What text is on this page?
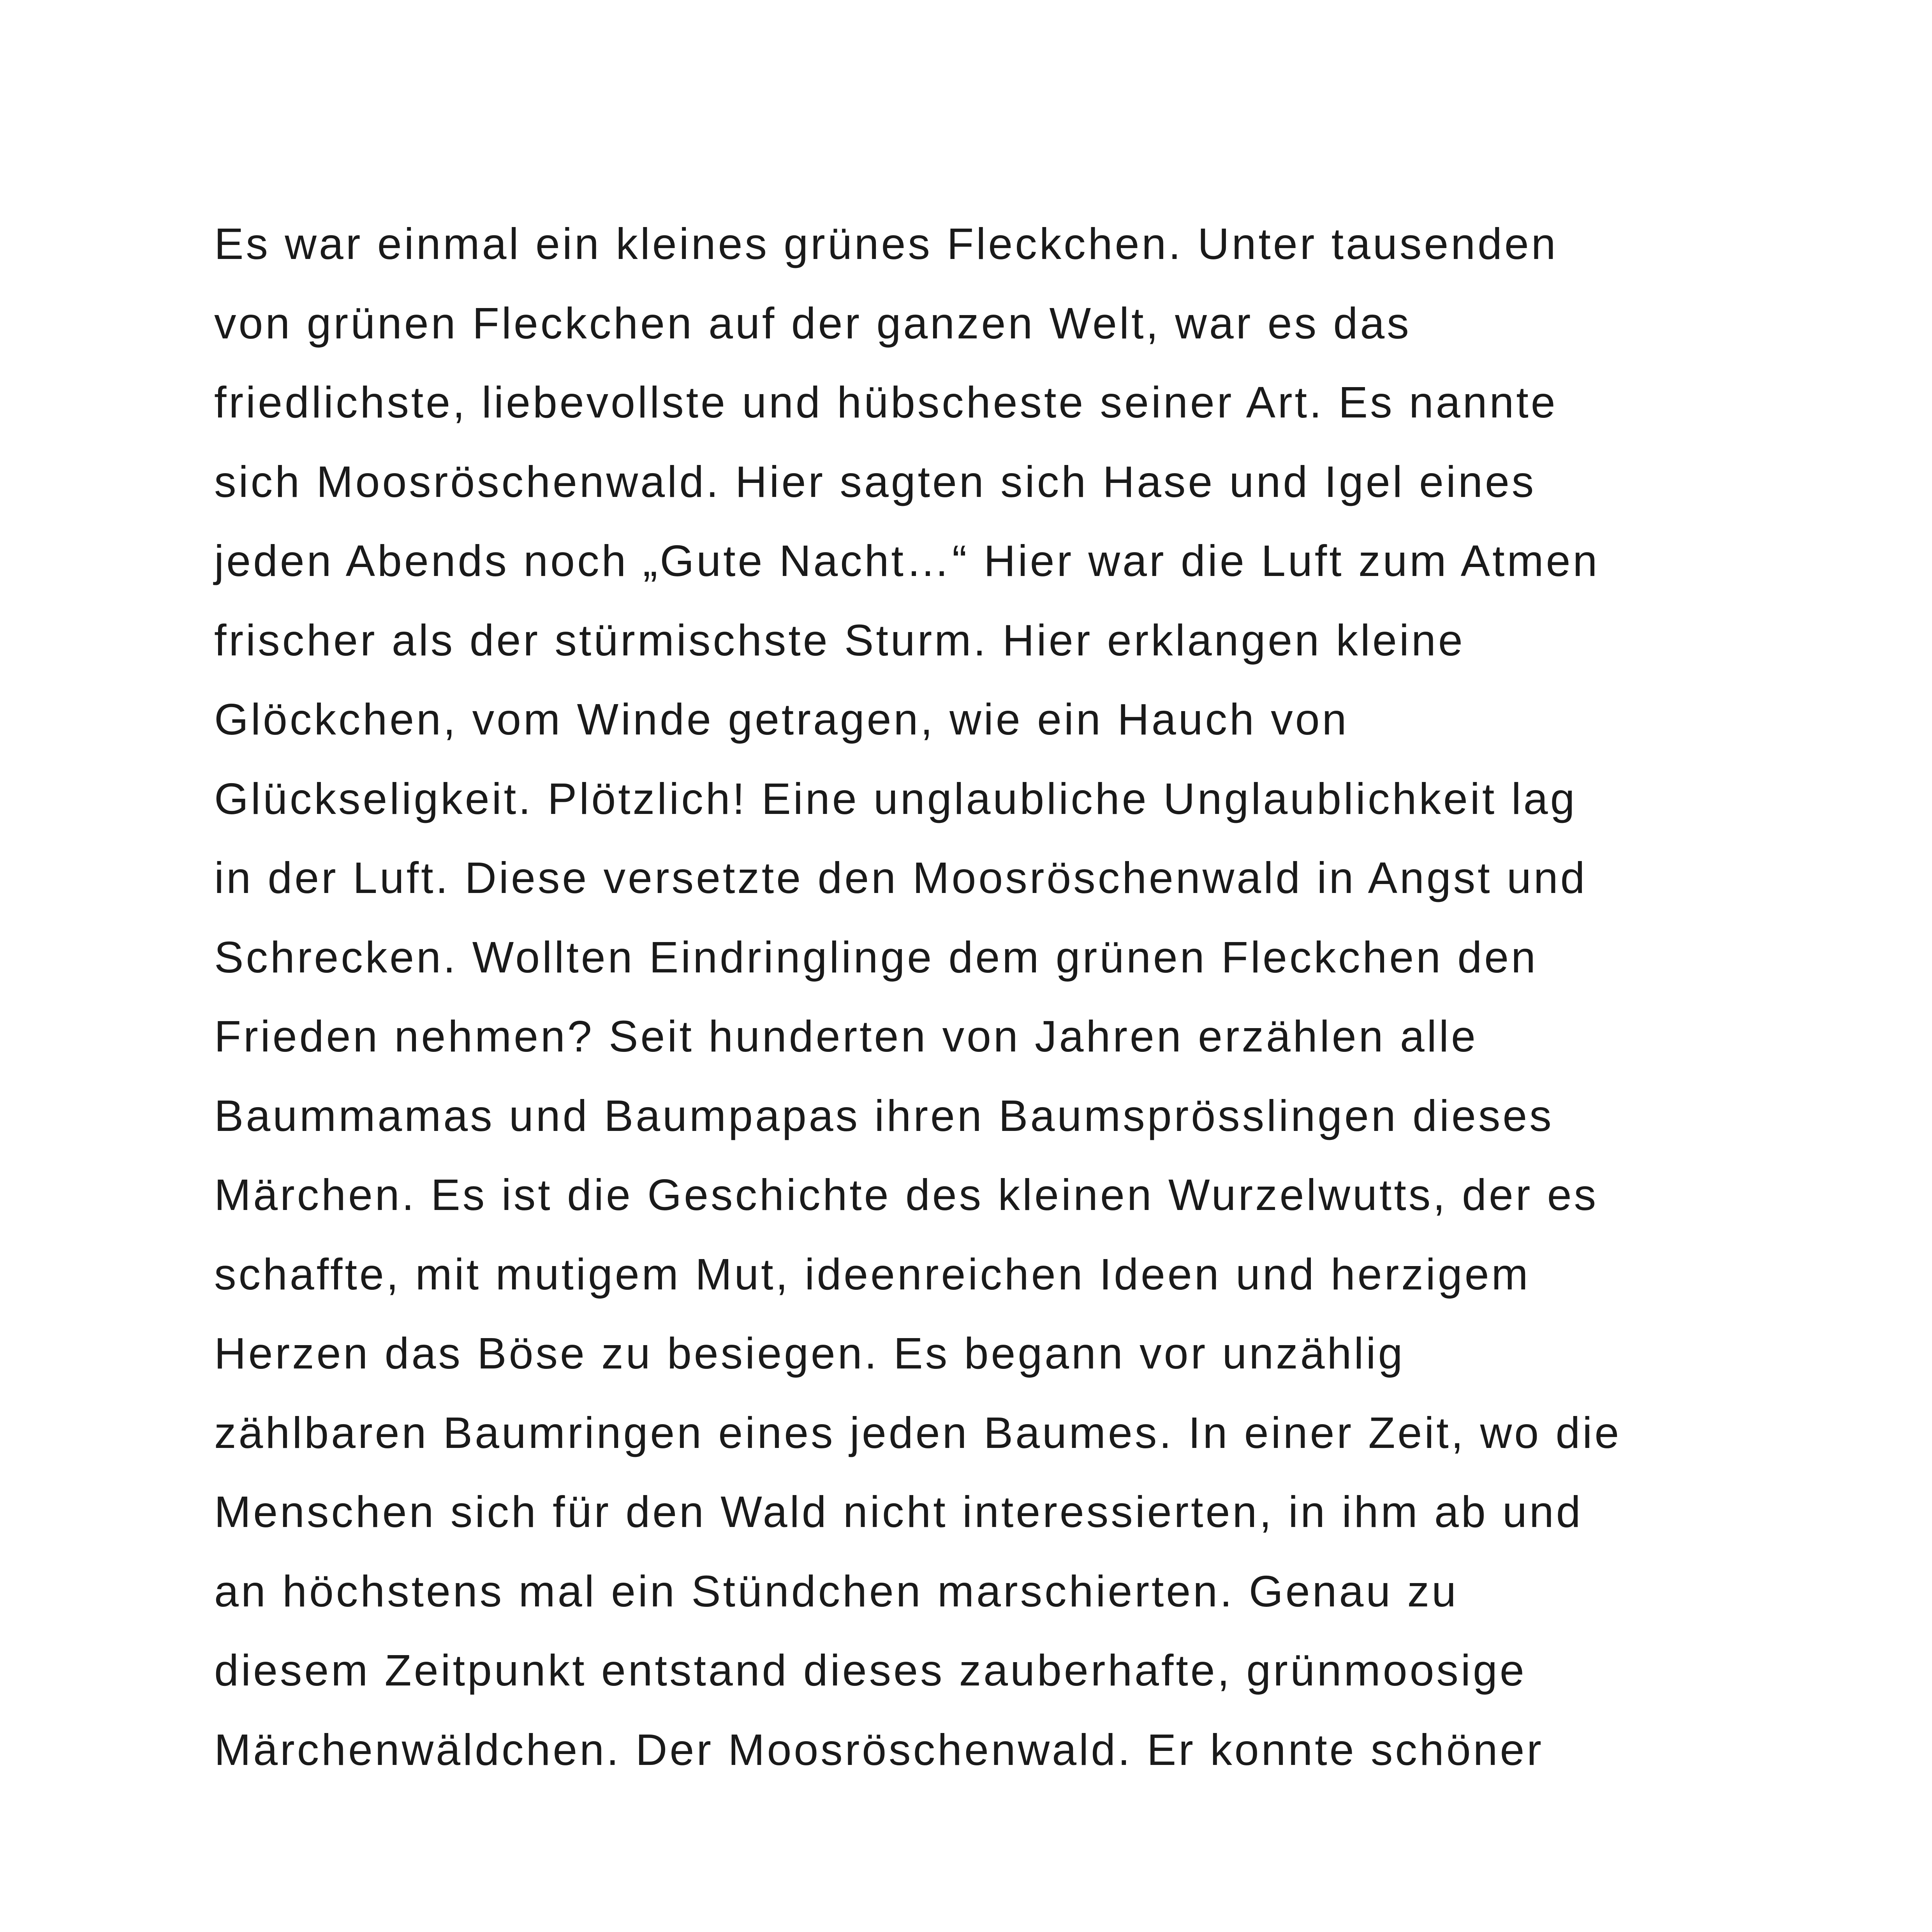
Es war einmal ein kleines grünes Fleckchen. Unter tausenden
von grünen Fleckchen auf der ganzen Welt, war es das
friedlichste, liebevollste und hübscheste seiner Art. Es nannte
sich Moosröschenwald. Hier sagten sich Hase und Igel eines
jeden Abends noch „Gute Nacht…“ Hier war die Luft zum Atmen
frischer als der stürmischste Sturm. Hier erklangen kleine
Glöckchen, vom Winde getragen, wie ein Hauch von
Glückseligkeit. Plötzlich! Eine unglaubliche Unglaublichkeit lag
in der Luft. Diese versetzte den Moosröschenwald in Angst und
Schrecken. Wollten Eindringlinge dem grünen Fleckchen den
Frieden nehmen? Seit hunderten von Jahren erzählen alle
Baummamas und Baumpapas ihren Baumsprösslingen dieses
Märchen. Es ist die Geschichte des kleinen Wurzelwutts, der es
schaffte, mit mutigem Mut, ideenreichen Ideen und herzigem
Herzen das Böse zu besiegen. Es begann vor unzählig
zählbaren Baumringen eines jeden Baumes. In einer Zeit, wo die
Menschen sich für den Wald nicht interessierten, in ihm ab und
an höchstens mal ein Stündchen marschierten. Genau zu
diesem Zeitpunkt entstand dieses zauberhafte, grünmoosige
Märchenwäldchen. Der Moosröschenwald. Er konnte schöner
